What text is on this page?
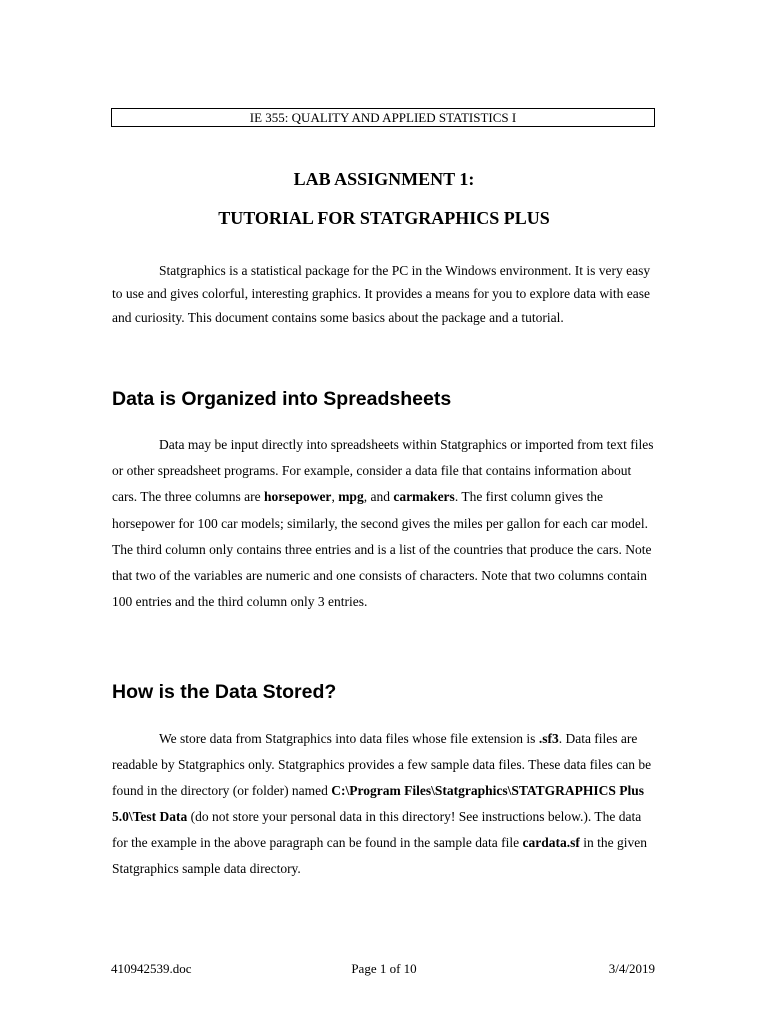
IE 355: QUALITY AND APPLIED STATISTICS I
LAB ASSIGNMENT 1:
TUTORIAL FOR STATGRAPHICS PLUS

Statgraphics is a statistical package for the PC in the Windows environment. It is very easy to use and gives colorful, interesting graphics. It provides a means for you to explore data with ease and curiosity. This document contains some basics about the package and a tutorial.

Data is Organized into Spreadsheets

Data may be input directly into spreadsheets within Statgraphics or imported from text files or other spreadsheet programs. For example, consider a data file that contains information about cars. The three columns are horsepower, mpg, and carmakers. The first column gives the horsepower for 100 car models; similarly, the second gives the miles per gallon for each car model. The third column only contains three entries and is a list of the countries that produce the cars. Note that two of the variables are numeric and one consists of characters. Note that two columns contain 100 entries and the third column only 3 entries.

How is the Data Stored?

We store data from Statgraphics into data files whose file extension is .sf3. Data files are readable by Statgraphics only. Statgraphics provides a few sample data files. These data files can be found in the directory (or folder) named C:\Program Files\Statgraphics\STATGRAPHICS Plus 5.0\Test Data (do not store your personal data in this directory! See instructions below.). The data for the example in the above paragraph can be found in the sample data file cardata.sf in the given Statgraphics sample data directory.

410942539.doc	Page 1 of 10	3/4/2019
